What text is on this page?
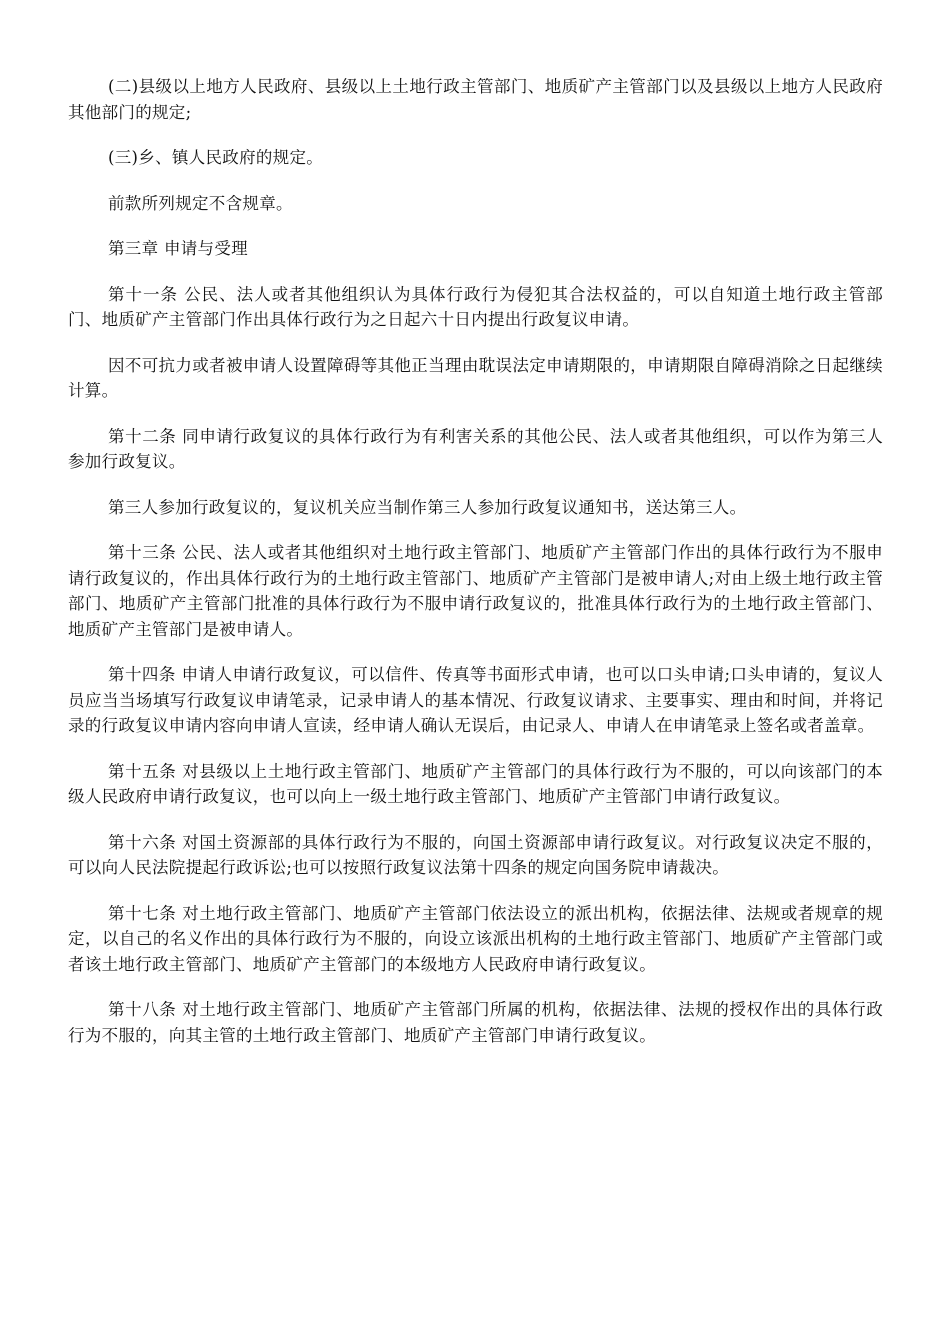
(二)县级以上地方人民政府、县级以上土地行政主管部门、地质矿产主管部门以及县级以上地方人民政府其他部门的规定;

(三)乡、镇人民政府的规定。

前款所列规定不含规章。

第三章 申请与受理

第十一条 公民、法人或者其他组织认为具体行政行为侵犯其合法权益的，可以自知道土地行政主管部门、地质矿产主管部门作出具体行政行为之日起六十日内提出行政复议申请。

因不可抗力或者被申请人设置障碍等其他正当理由耽误法定申请期限的，申请期限自障碍消除之日起继续计算。

第十二条 同申请行政复议的具体行政行为有利害关系的其他公民、法人或者其他组织，可以作为第三人参加行政复议。

第三人参加行政复议的，复议机关应当制作第三人参加行政复议通知书，送达第三人。

第十三条 公民、法人或者其他组织对土地行政主管部门、地质矿产主管部门作出的具体行政行为不服申请行政复议的，作出具体行政行为的土地行政主管部门、地质矿产主管部门是被申请人;对由上级土地行政主管部门、地质矿产主管部门批准的具体行政行为不服申请行政复议的，批准具体行政行为的土地行政主管部门、地质矿产主管部门是被申请人。

第十四条 申请人申请行政复议，可以信件、传真等书面形式申请，也可以口头申请;口头申请的，复议人员应当当场填写行政复议申请笔录，记录申请人的基本情况、行政复议请求、主要事实、理由和时间，并将记录的行政复议申请内容向申请人宣读，经申请人确认无误后，由记录人、申请人在申请笔录上签名或者盖章。

第十五条 对县级以上土地行政主管部门、地质矿产主管部门的具体行政行为不服的，可以向该部门的本级人民政府申请行政复议，也可以向上一级土地行政主管部门、地质矿产主管部门申请行政复议。

第十六条 对国土资源部的具体行政行为不服的，向国土资源部申请行政复议。对行政复议决定不服的，可以向人民法院提起行政诉讼;也可以按照行政复议法第十四条的规定向国务院申请裁决。

第十七条 对土地行政主管部门、地质矿产主管部门依法设立的派出机构，依据法律、法规或者规章的规定，以自己的名义作出的具体行政行为不服的，向设立该派出机构的土地行政主管部门、地质矿产主管部门或者该土地行政主管部门、地质矿产主管部门的本级地方人民政府申请行政复议。

第十八条 对土地行政主管部门、地质矿产主管部门所属的机构，依据法律、法规的授权作出的具体行政行为不服的，向其主管的土地行政主管部门、地质矿产主管部门申请行政复议。
